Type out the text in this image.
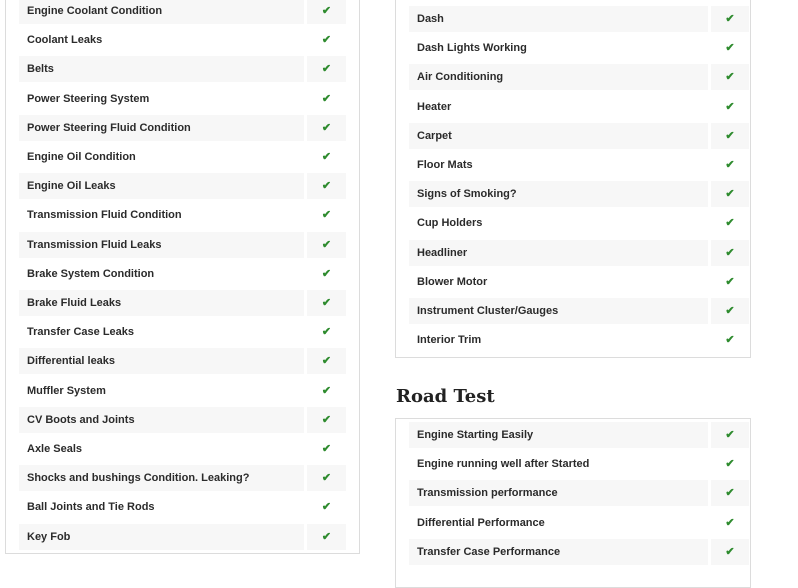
Engine Coolant Condition	✔
Coolant Leaks	✔
Belts	✔
Power Steering System	✔
Power Steering Fluid Condition	✔
Engine Oil Condition	✔
Engine Oil Leaks	✔
Transmission Fluid Condition	✔
Transmission Fluid Leaks	✔
Brake System Condition	✔
Brake Fluid Leaks	✔
Transfer Case Leaks	✔
Differential leaks	✔
Muffler System	✔
CV Boots and Joints	✔
Axle Seals	✔
Shocks and bushings Condition. Leaking?	✔
Ball Joints and Tie Rods	✔
Key Fob	✔
Dash	✔
Dash Lights Working	✔
Air Conditioning	✔
Heater	✔
Carpet	✔
Floor Mats	✔
Signs of Smoking?	✔
Cup Holders	✔
Headliner	✔
Blower Motor	✔
Instrument Cluster/Gauges	✔
Interior Trim	✔
Road Test
Engine Starting Easily	✔
Engine running well after Started	✔
Transmission performance	✔
Differential Performance	✔
Transfer Case Performance	✔
